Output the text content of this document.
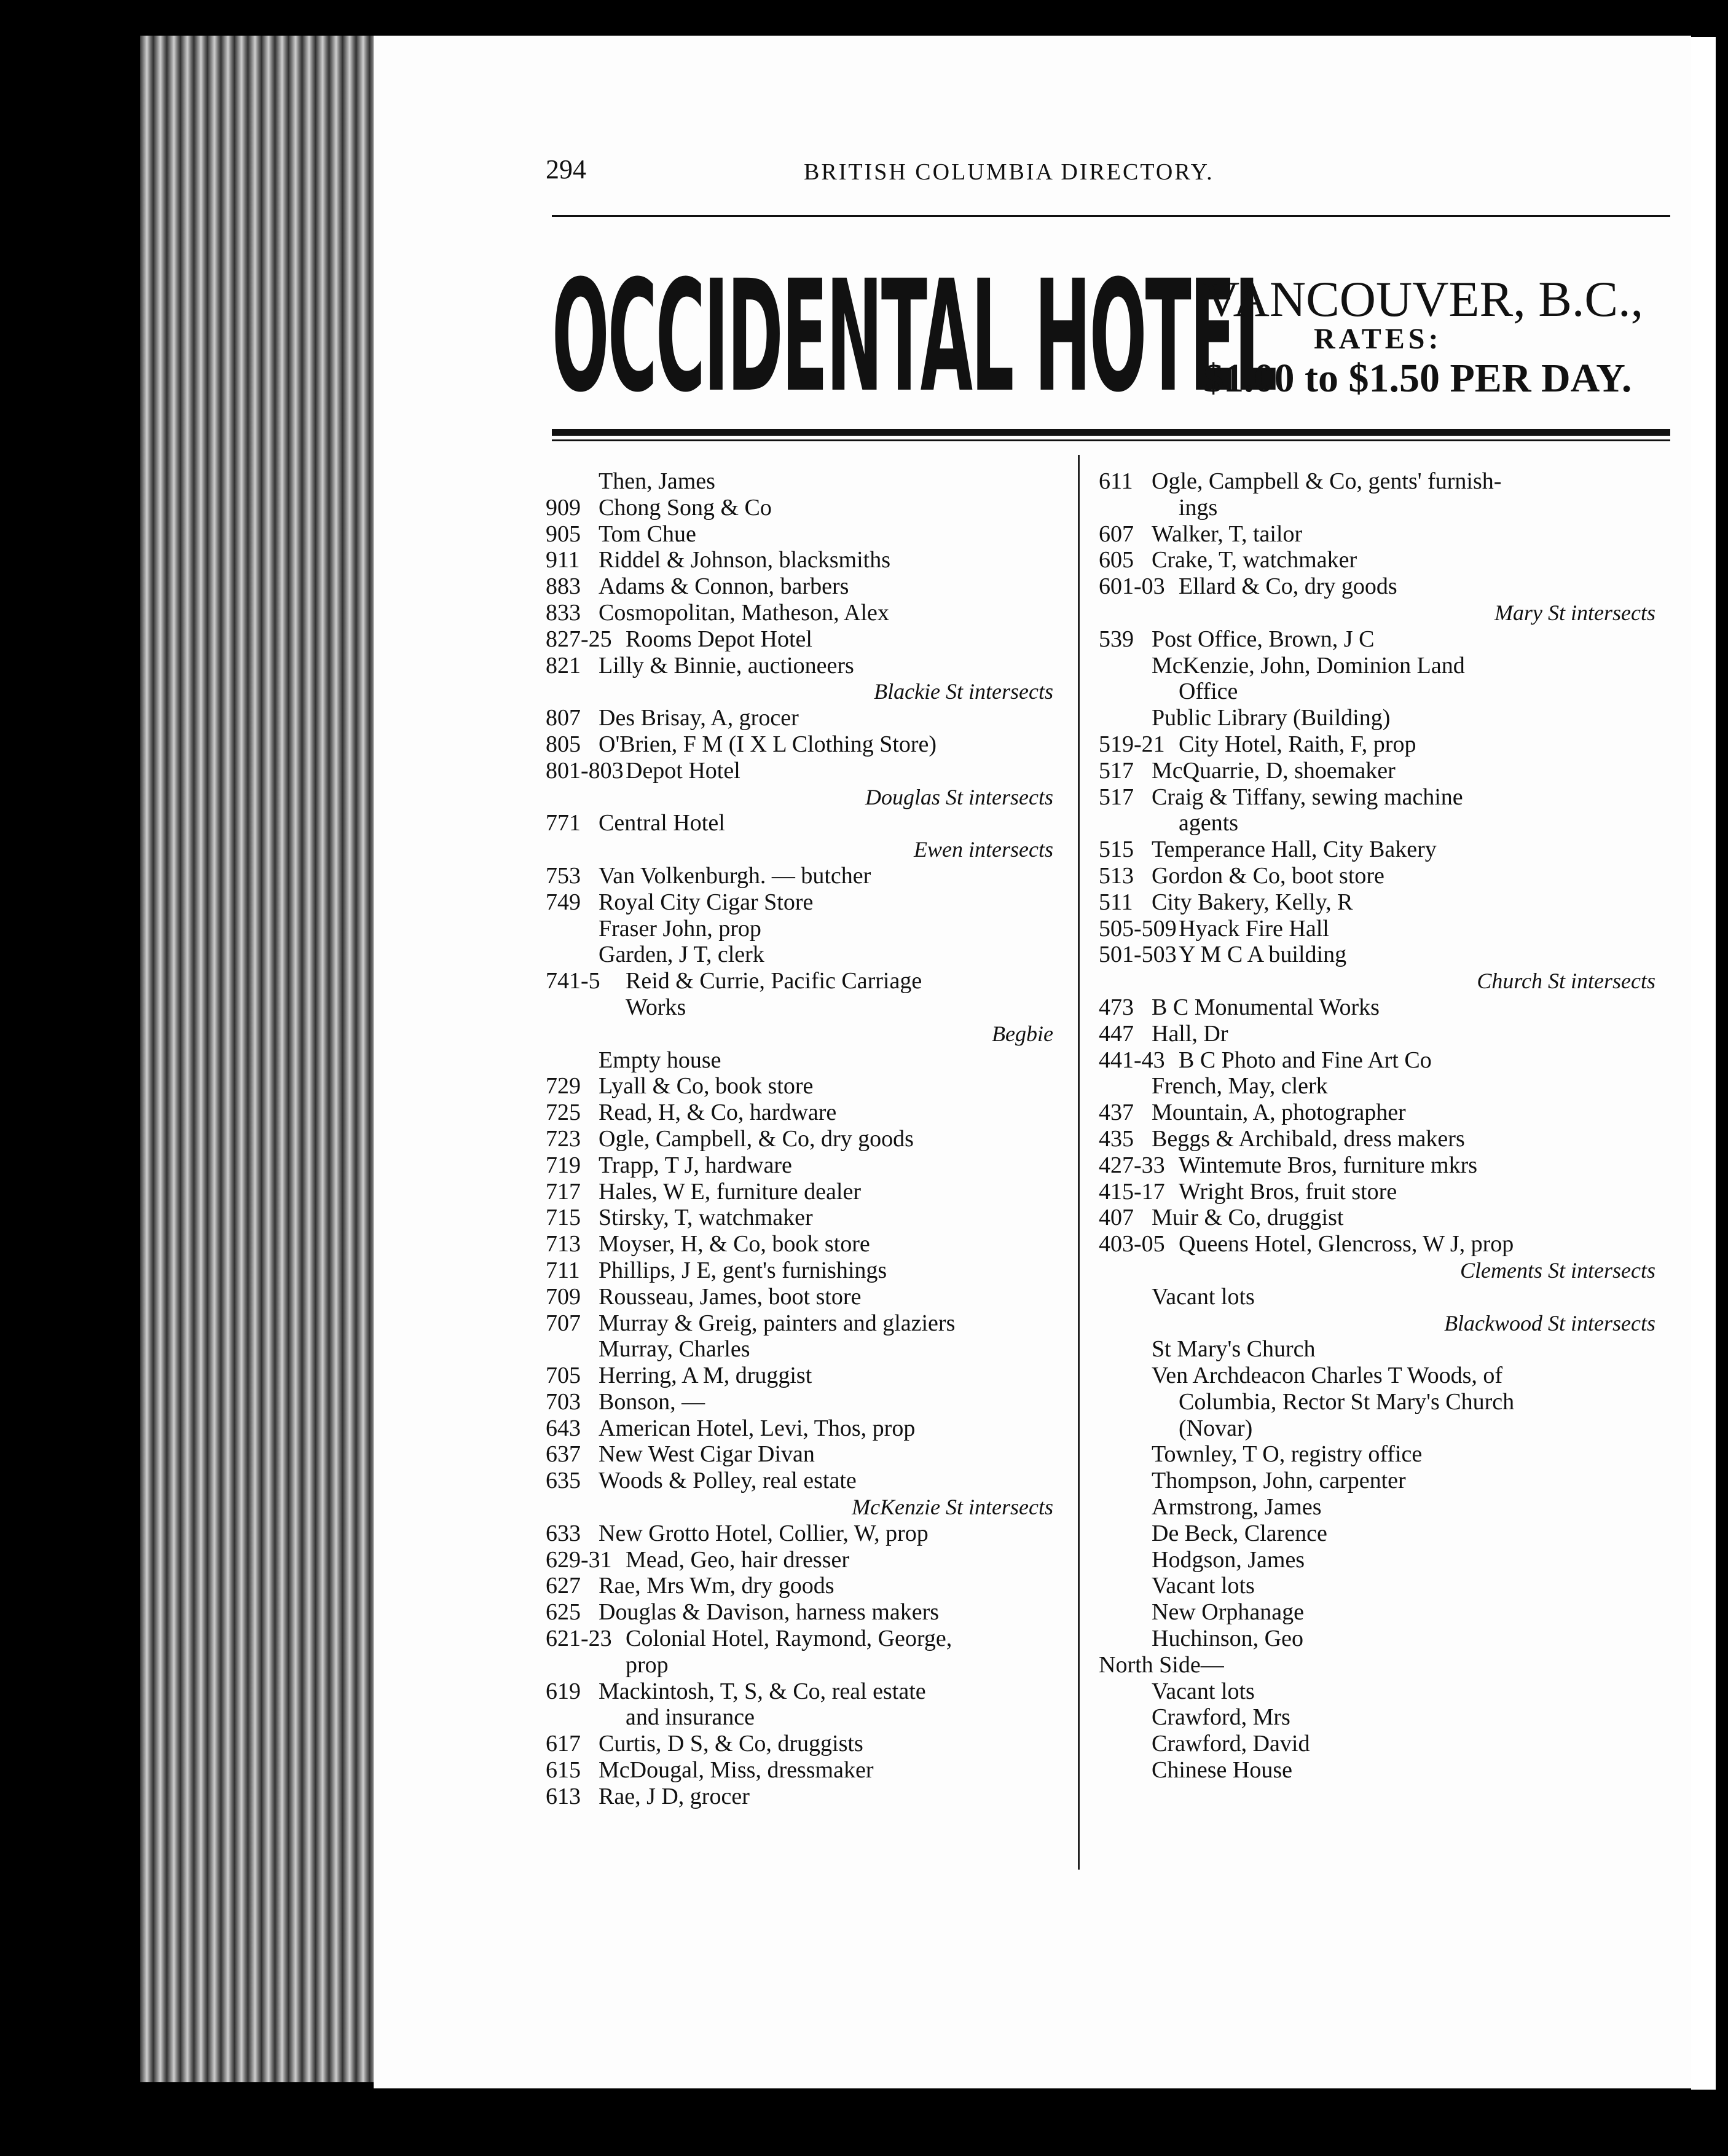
294	BRITISH COLUMBIA DIRECTORY.
OCCIDENTAL HOTEL
VANCOUVER, B.C.,
RATES:
$1.00 to $1.50 PER DAY.
Then, James
909 Chong Song & Co
905 Tom Chue
911 Riddel & Johnson, blacksmiths
883 Adams & Connon, barbers
833 Cosmopolitan, Matheson, Alex
827-25 Rooms Depot Hotel
821 Lilly & Binnie, auctioneers
Blackie St intersects
807 Des Brisay, A, grocer
805 O'Brien, F M (I X L Clothing Store)
801-803 Depot Hotel
Douglas St intersects
771 Central Hotel
Ewen intersects
753 Van Volkenburgh. — butcher
749 Royal City Cigar Store
Fraser John, prop
Garden, J T, clerk
741-5 Reid & Currie, Pacific Carriage
Works
Begbie
Empty house
729 Lyall & Co, book store
725 Read, H, & Co, hardware
723 Ogle, Campbell, & Co, dry goods
719 Trapp, T J, hardware
717 Hales, W E, furniture dealer
715 Stirsky, T, watchmaker
713 Moyser, H, & Co, book store
711 Phillips, J E, gent's furnishings
709 Rousseau, James, boot store
707 Murray & Greig, painters and glaziers
Murray, Charles
705 Herring, A M, druggist
703 Bonson, —
643 American Hotel, Levi, Thos, prop
637 New West Cigar Divan
635 Woods & Polley, real estate
McKenzie St intersects
633 New Grotto Hotel, Collier, W, prop
629-31 Mead, Geo, hair dresser
627 Rae, Mrs Wm, dry goods
625 Douglas & Davison, harness makers
621-23 Colonial Hotel, Raymond, George,
prop
619 Mackintosh, T, S, & Co, real estate
and insurance
617 Curtis, D S, & Co, druggists
615 McDougal, Miss, dressmaker
613 Rae, J D, grocer
611 Ogle, Campbell & Co, gents' furnish-
ings
607 Walker, T, tailor
605 Crake, T, watchmaker
601-03 Ellard & Co, dry goods
Mary St intersects
539 Post Office, Brown, J C
McKenzie, John, Dominion Land
Office
Public Library (Building)
519-21 City Hotel, Raith, F, prop
517 McQuarrie, D, shoemaker
517 Craig & Tiffany, sewing machine
agents
515 Temperance Hall, City Bakery
513 Gordon & Co, boot store
511 City Bakery, Kelly, R
505-509 Hyack Fire Hall
501-503 Y M C A building
Church St intersects
473 B C Monumental Works
447 Hall, Dr
441-43 B C Photo and Fine Art Co
French, May, clerk
437 Mountain, A, photographer
435 Beggs & Archibald, dress makers
427-33 Wintemute Bros, furniture mkrs
415-17 Wright Bros, fruit store
407 Muir & Co, druggist
403-05 Queens Hotel, Glencross, W J, prop
Clements St intersects
Vacant lots
Blackwood St intersects
St Mary's Church
Ven Archdeacon Charles T Woods, of
Columbia, Rector St Mary's Church
(Novar)
Townley, T O, registry office
Thompson, John, carpenter
Armstrong, James
De Beck, Clarence
Hodgson, James
Vacant lots
New Orphanage
Huchinson, Geo
North Side—
Vacant lots
Crawford, Mrs
Crawford, David
Chinese House
